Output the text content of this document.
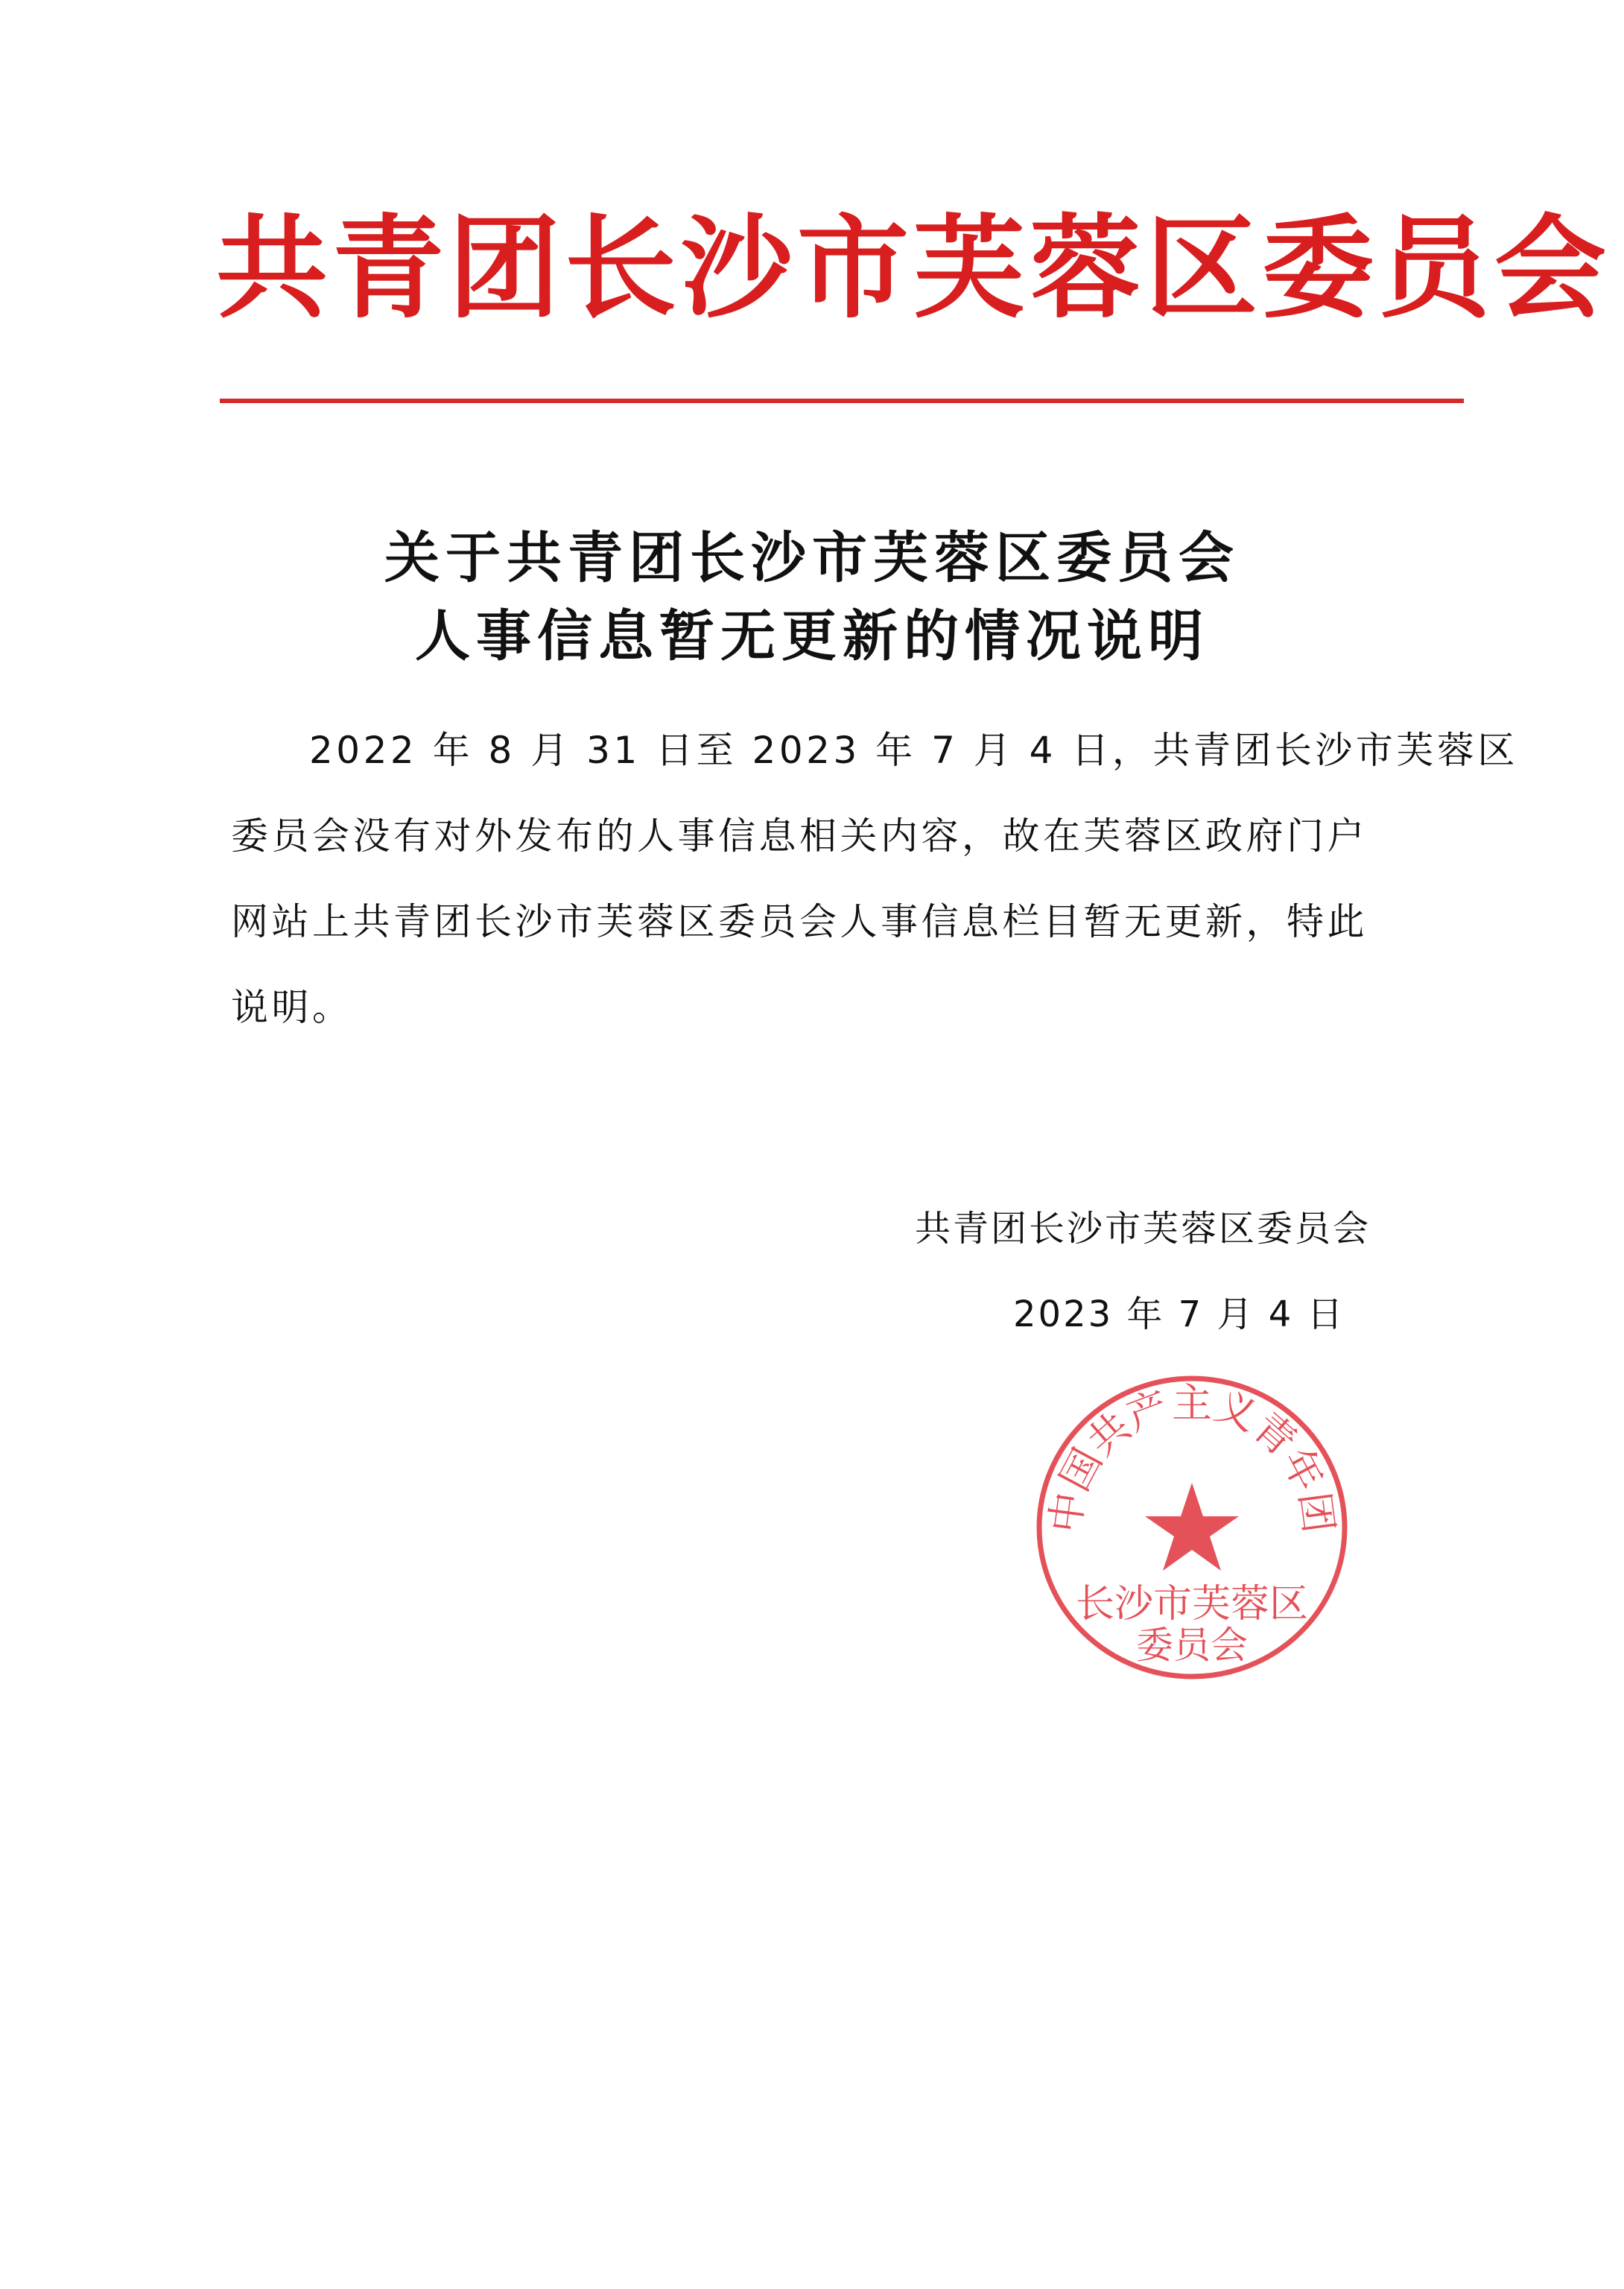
共青团长沙市芙蓉区委员会
关于共青团长沙市芙蓉区委员会
人事信息暂无更新的情况说明
2022 年 8 月 31 日至 2023 年 7 月 4 日，共青团长沙市芙蓉区
委员会没有对外发布的人事信息相关内容，故在芙蓉区政府门户
网站上共青团长沙市芙蓉区委员会人事信息栏目暂无更新，特此
说明。
共青团长沙市芙蓉区委员会
2023 年 7 月 4 日
中国共产主义青年团
长沙市芙蓉区
委员会
